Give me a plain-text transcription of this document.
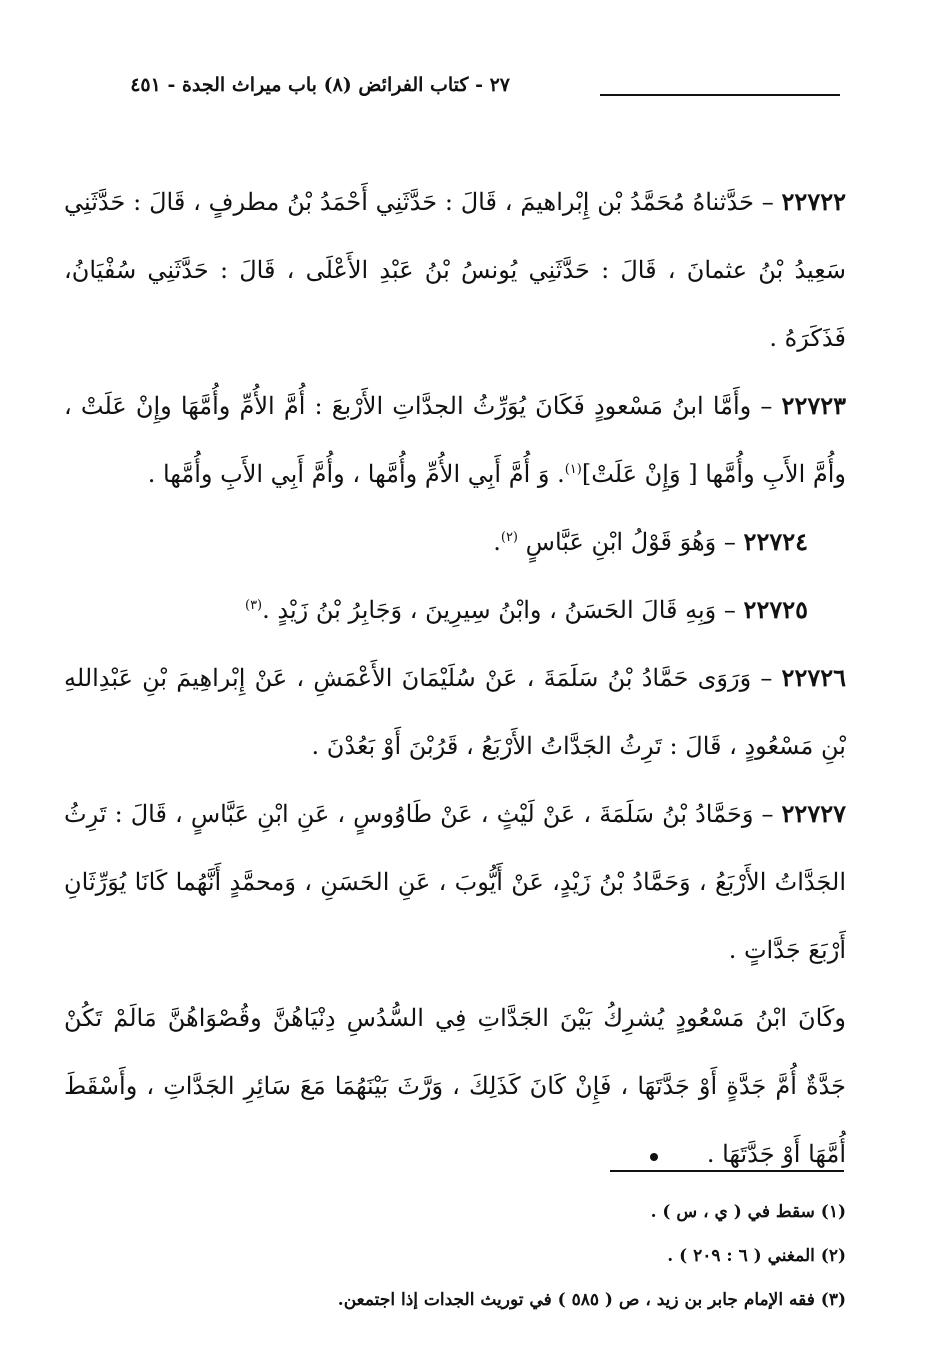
٢٧ - كتاب الفرائض (٨) باب ميراث الجدة - ٤٥١

٢٢٧٢٢ – حَدَّثناهُ مُحَمَّدُ بْن إِبْراهيمَ ، قَالَ : حَدَّثَنِي أَحْمَدُ بْنُ مطرفٍ ، قَالَ : حَدَّثَنِي سَعِيدُ بْنُ عثمانَ ، قَالَ : حَدَّثَنِي يُونسُ بْنُ عَبْدِ الأَعْلَى ، قَالَ : حَدَّثَنِي سُفْيَانُ، فَذَكَرَهُ .

٢٢٧٢٣ – وأَمَّا ابنُ مَسْعودٍ فَكَانَ يُوَرِّثُ الجدَّاتِ الأَرْبعَ : أُمَّ الأُمِّ وأُمَّهَا وإِنْ عَلَتْ ، وأُمَّ الأَبِ وأُمَّها [ وَإِنْ عَلَتْ]$^{(١)}$. وَ أُمَّ أَبِي الأُمِّ وأُمَّها ، وأُمَّ أَبِي الأَبِ وأُمَّها .

٢٢٧٢٤ – وَهُوَ قَوْلُ ابْنِ عَبَّاسٍ $^{(٢)}$.

٢٢٧٢٥ – وَبِهِ قَالَ الحَسَنُ ، وابْنُ سِيرِينَ ، وَجَابِرُ بْنُ زَيْدٍ .$^{(٣)}$

٢٢٧٢٦ – وَرَوَى حَمَّادُ بْنُ سَلَمَةَ ، عَنْ سُلَيْمَانَ الأَعْمَشِ ، عَنْ إِبْراهِيمَ بْنِ عَبْدِاللهِ بْنِ مَسْعُودٍ ، قَالَ : تَرِثُ الجَدَّاتُ الأَرْبَعُ ، قَرُبْنَ أَوْ بَعُدْنَ .

٢٢٧٢٧ – وَحَمَّادُ بْنُ سَلَمَةَ ، عَنْ لَيْثٍ ، عَنْ طَاوُوسٍ ، عَنِ ابْنِ عَبَّاسٍ ، قَالَ : تَرِثُ الجَدَّاتُ الأَرْبَعُ ، وَحَمَّادُ بْنُ زَيْدٍ، عَنْ أَيُّوبَ ، عَنِ الحَسَنِ ، وَمحمَّدٍ أَنَّهُما كَانَا يُوَرِّثَانِ أَرْبَعَ جَدَّاتٍ .

وكَانَ ابْنُ مَسْعُودٍ يُشرِكُ بَيْنَ الجَدَّاتِ فِي السُّدُسِ دِنْيَاهُنَّ وقُصْوَاهُنَّ مَالَمْ تَكُنْ جَدَّةٌ أُمَّ جَدَّةٍ أَوْ جَدَّتَهَا ، فَإِنْ كَانَ كَذَلِكَ ، وَرَّثَ بَيْنَهُمَا مَعَ سَائِرِ الجَدَّاتِ ، وأَسْقَطَ أُمَّهَا أَوْ جَدَّتَهَا .

(١) سقط في ( ي ، س ) .

(٢) المغني ( ٦ : ٢٠٩ ) .

(٣) فقه الإمام جابر بن زيد ، ص ( ٥٨٥ ) في توريث الجدات إذا اجتمعن.
